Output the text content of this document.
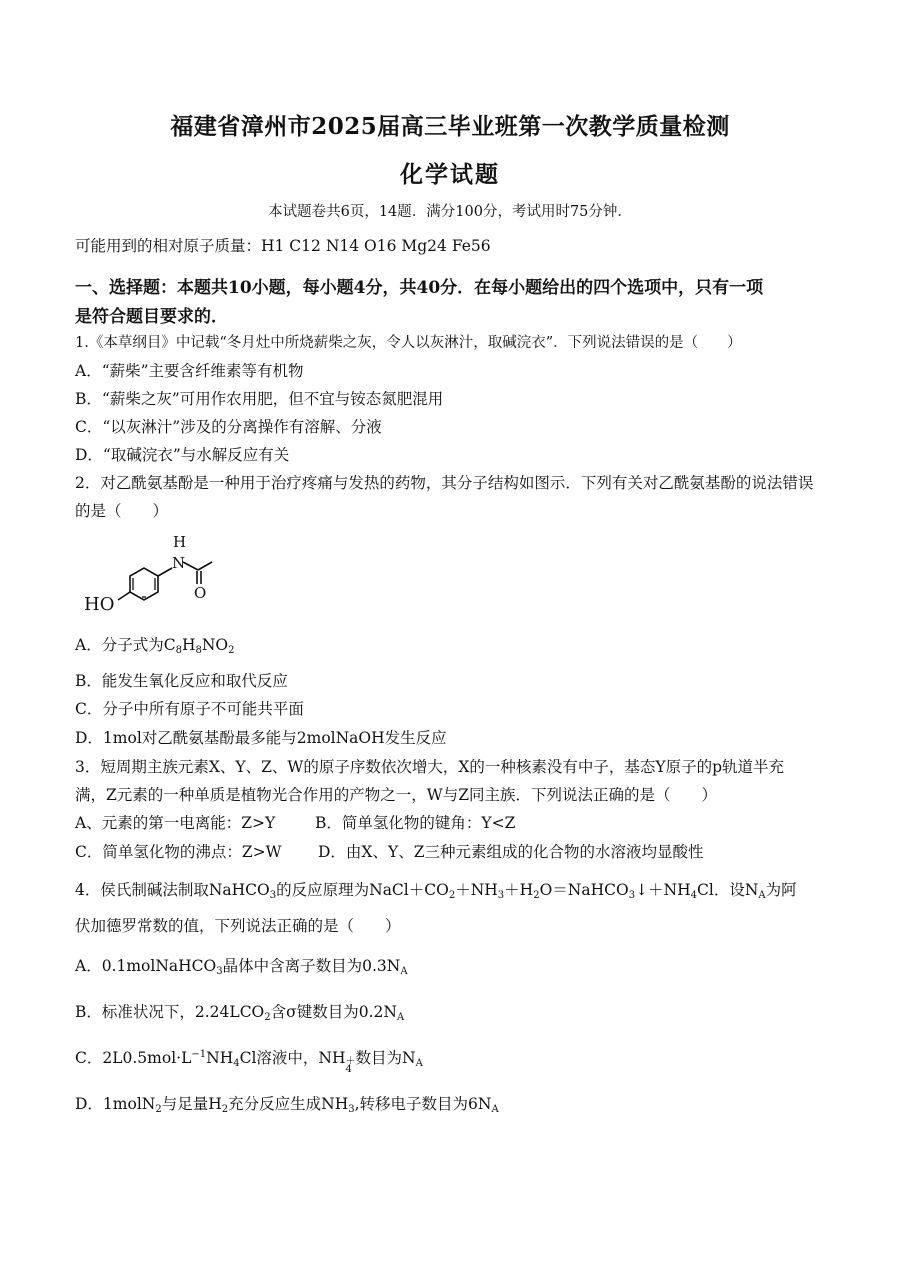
福建省漳州市2025届高三毕业班第一次教学质量检测
化学试题
本试题卷共6页，14题．满分100分，考试用时75分钟．
可能用到的相对原子质量：H1 C12 N14 O16 Mg24 Fe56
一、选择题：本题共10小题，每小题4分，共40分．在每小题给出的四个选项中，只有一项
是符合题目要求的．
1.《本草纲目》中记载“冬月灶中所烧薪柴之灰，令人以灰淋汁，取碱浣衣”．下列说法错误的是（　　）
A．“薪柴”主要含纤维素等有机物
B．“薪柴之灰”可用作农用肥，但不宜与铵态氮肥混用
C．“以灰淋汁”涉及的分离操作有溶解、分液
D．“取碱浣衣”与水解反应有关
2．对乙酰氨基酚是一种用于治疗疼痛与发热的药物，其分子结构如图示．下列有关对乙酰氨基酚的说法错误
的是（　　）
H
N
O
HO
A．分子式为$C_8H_8NO_2$
B．能发生氧化反应和取代反应
C．分子中所有原子不可能共平面
D．1mol对乙酰氨基酚最多能与2molNaOH发生反应
3．短周期主族元素X、Y、Z、W的原子序数依次增大，X的一种核素没有中子，基态Y原子的p轨道半充
满，Z元素的一种单质是植物光合作用的产物之一，W与Z同主族．下列说法正确的是（　　）
A、元素的第一电离能：Z>Y	B．简单氢化物的键角：Y<Z
C．简单氢化物的沸点：Z>W D．由X、Y、Z三种元素组成的化合物的水溶液均显酸性
4．侯氏制碱法制取NaHCO$_3$的反应原理为$NaCl+CO_2+NH_3+H_2O=NaHCO_3↓+NH_4Cl$．设$N_A$为阿
伏加德罗常数的值，下列说法正确的是（　　）
A．0.1molNaHCO$_3$晶体中含离子数目为$0.3N_A$
B．标准状况下，$2.24LCO_2$含σ键数目为$0.2N_A$
C．$2L0.5mol\cdot L^{-1}NH_4Cl$溶液中，NH ＋
4
数目为$N_A$
D．1molN$_2$与足量$H_2$充分反应生成$NH_3$,转移电子数目为$6N_A$
